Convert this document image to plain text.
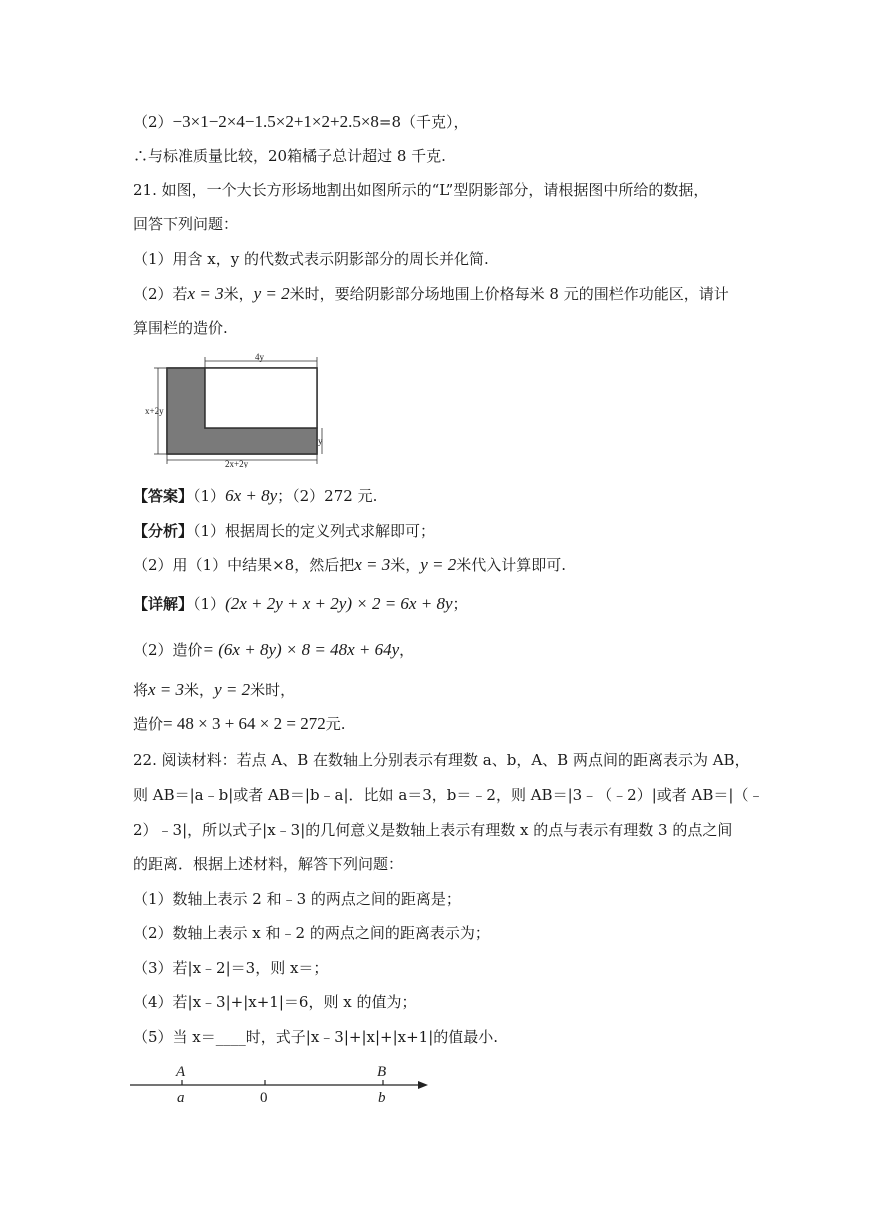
（2）−3×1−2×4−1.5×2+1×2+2.5×8=8（千克），
∴与标准质量比较，20箱橘子总计超过 8 千克.
21. 如图，一个大长方形场地割出如图所示的“L”型阴影部分，请根据图中所给的数据，
回答下列问题：
（1）用含 x，y 的代数式表示阴影部分的周长并化简.
（2）若x = 3米，y = 2米时，要给阴影部分场地围上价格每米 8 元的围栏作功能区，请计
算围栏的造价.
4y
x+2y
y
2x+2y
【答案】（1）6x + 8y；（2）272 元.
【分析】（1）根据周长的定义列式求解即可；
（2）用（1）中结果×8，然后把x = 3米，y = 2米代入计算即可.
【详解】（1）(2x + 2y + x + 2y) × 2 = 6x + 8y；
（2）造价= (6x + 8y) × 8 = 48x + 64y，
将x = 3米，y = 2米时，
造价= 48 × 3 + 64 × 2 = 272元.
22. 阅读材料：若点 A、B 在数轴上分别表示有理数 a、b，A、B 两点间的距离表示为 AB，
则 AB＝|a﹣b|或者 AB＝|b﹣a|．比如 a＝3，b＝﹣2，则 AB＝|3﹣（﹣2）|或者 AB＝|（﹣
2）﹣3|，所以式子|x﹣3|的几何意义是数轴上表示有理数 x 的点与表示有理数 3 的点之间
的距离．根据上述材料，解答下列问题：
（1）数轴上表示 2 和﹣3 的两点之间的距离是；
（2）数轴上表示 x 和﹣2 的两点之间的距离表示为；
（3）若|x﹣2|＝3，则 x＝；
（4）若|x﹣3|+|x+1|＝6，则 x 的值为；
（5）当 x＝____时，式子|x﹣3|+|x|+|x+1|的值最小.
A
a	0
B
b
